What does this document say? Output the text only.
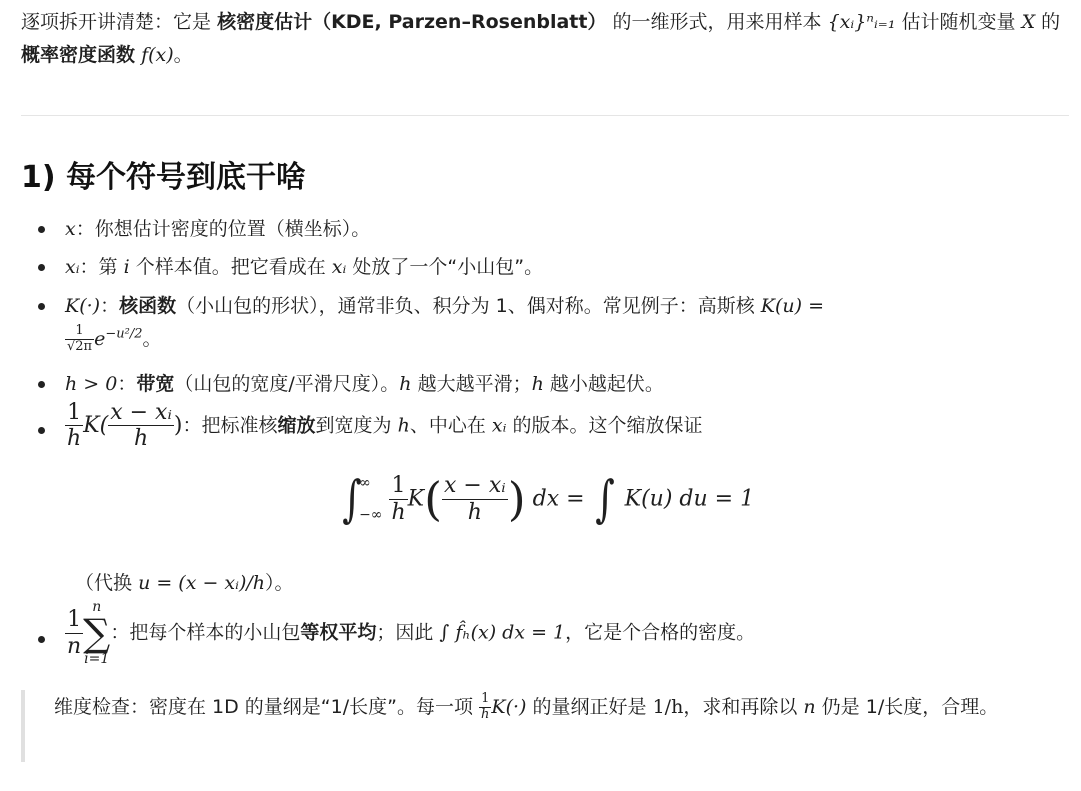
逐项拆开讲清楚：它是 核密度估计（KDE, Parzen–Rosenblatt） 的一维形式，用来用样本 {xᵢ}ⁿᵢ₌₁ 估计随机变量 X 的概率密度函数 f(x)。
1) 每个符号到底干啥
x：你想估计密度的位置（横坐标）。
xᵢ：第 i 个样本值。把它看成在 xᵢ 处放了一个“小山包”。
K(·)：核函数（小山包的形状），通常非负、积分为 1、偶对称。常见例子：高斯核 K(u) =
$\frac{1}{√2\pi} e^{-u^2/2}$。
h > 0：带宽（山包的宽度/平滑尺度）。h 越大越平滑；h 越小越起伏。
$\frac{1}{h} K( \frac{\text{x − xᵢ}}{h}$ )：把标准核缩放到宽度为 h、中心在 xᵢ 的版本。这个缩放保证
∫
∞
−∞
$\frac{1}{h} K( \frac{\text{x − xᵢ}}{h}$ ) dx = ∫ K(u) du = 1
（代换 u = (x − xᵢ)/h）。
$\frac{1}{n}$
n
∑
i=1
：把每个样本的小山包等权平均；因此 ∫ f̂ₕ(x) dx = 1，它是个合格的密度。
维度检查：密度在 1D 的量纲是“1/长度”。每一项 $\frac{1}{h} K(\cdot)$ 的量纲正好是 1/h，求和再除以 n 仍是 1/长度，合理。
